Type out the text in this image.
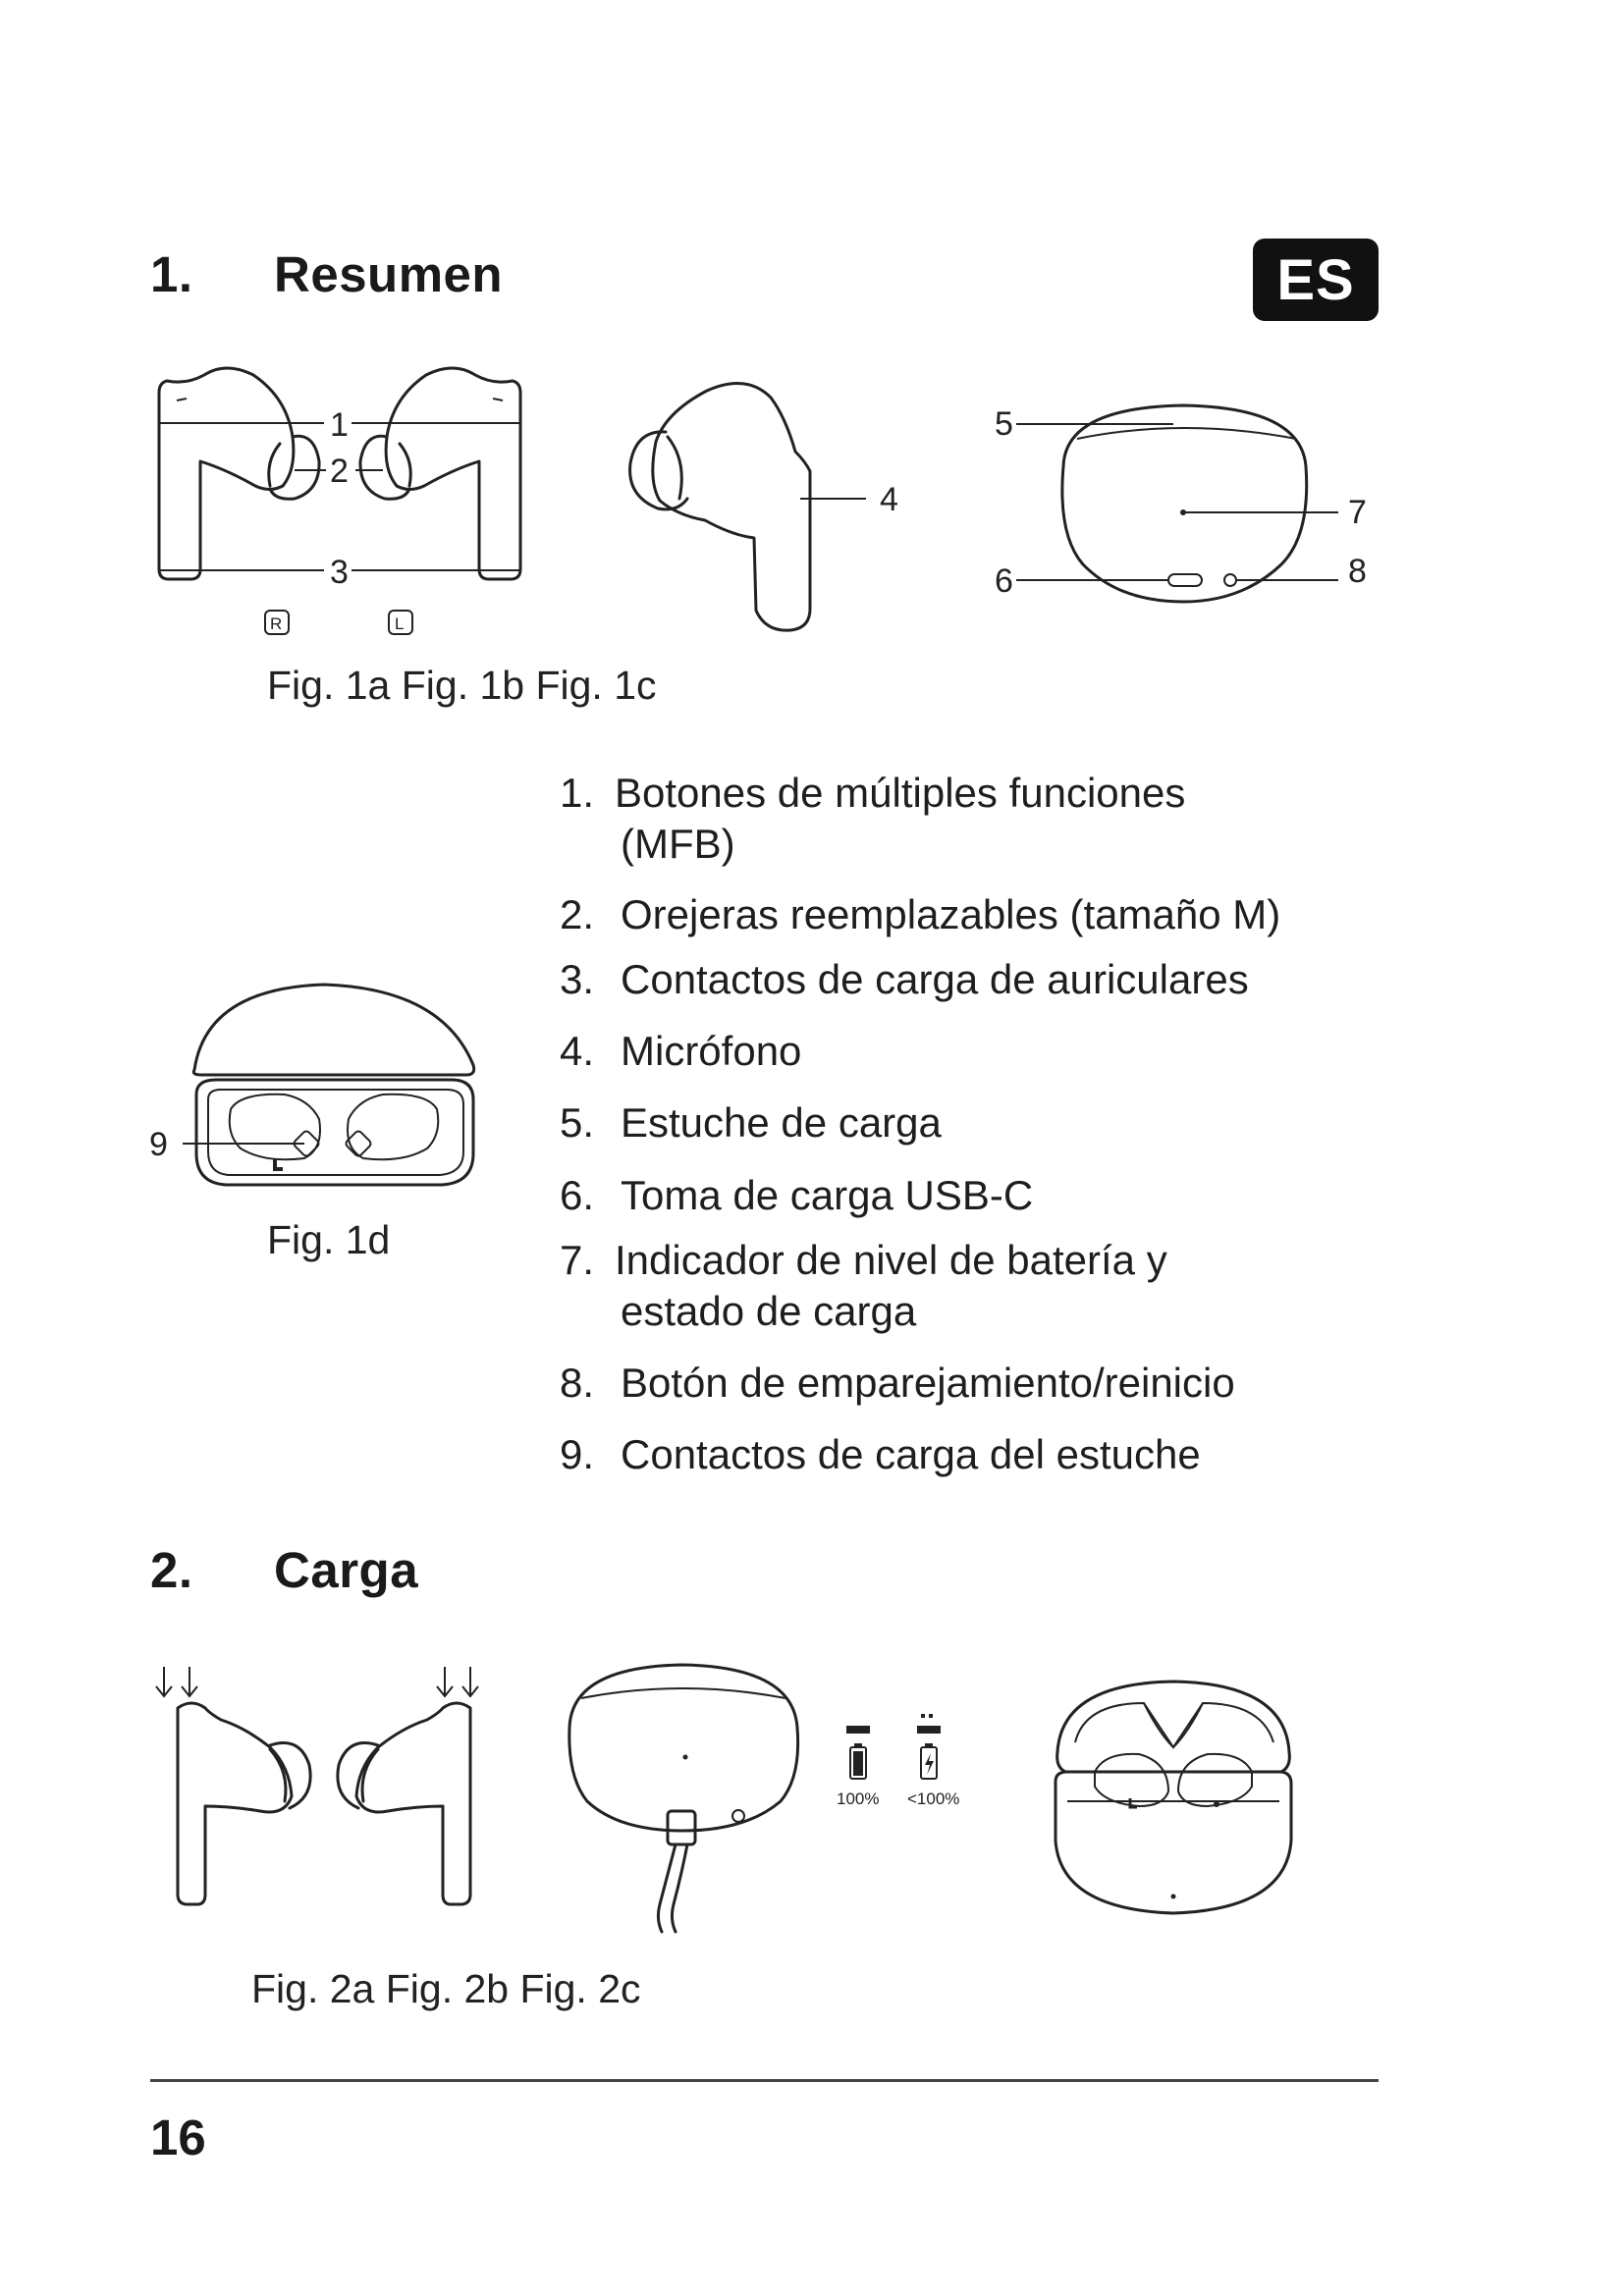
1. Resumen	ES
1
2
3
R	L
4
5
7
6	8
Fig. 1a Fig. 1b Fig. 1c
9
Fig. 1d
1. Botones de múltiples funciones
(MFB)
2. Orejeras reemplazables (tamaño M)
3. Contactos de carga de auriculares
4. Micrófono
5. Estuche de carga
6. Toma de carga USB-C
7. Indicador de nivel de batería y
estado de carga
8. Botón de emparejamiento/reinicio
9. Contactos de carga del estuche
2. Carga
100% <100%
Fig. 2a Fig. 2b Fig. 2c
16
